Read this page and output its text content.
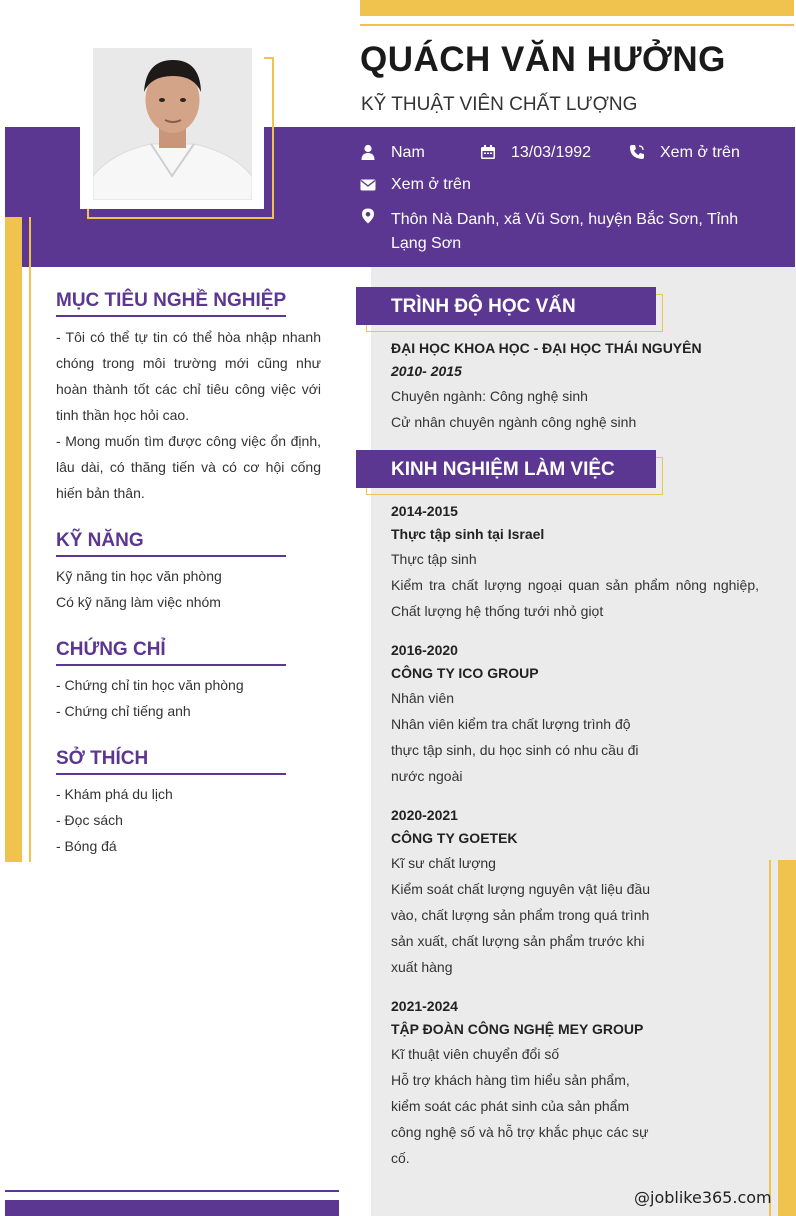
QUÁCH VĂN HƯỞNG
KỸ THUẬT VIÊN CHẤT LƯỢNG
Nam	13/03/1992	Xem ở trên
Xem ở trên
Thôn Nà Danh, xã Vũ Sơn, huyện Bắc Sơn, Tỉnh Lạng Sơn
MỤC TIÊU NGHỀ NGHIỆP
- Tôi có thể tự tin có thể hòa nhập nhanh chóng trong môi trường mới cũng như hoàn thành tốt các chỉ tiêu công việc với tinh thần học hỏi cao.
- Mong muốn tìm được công việc ổn định, lâu dài, có thăng tiến và có cơ hội cống hiến bản thân.
KỸ NĂNG
Kỹ năng tin học văn phòng
Có kỹ năng làm việc nhóm
CHỨNG CHỈ
- Chứng chỉ tin học văn phòng
- Chứng chỉ tiếng anh
SỞ THÍCH
- Khám phá du lịch
- Đọc sách
- Bóng đá
TRÌNH ĐỘ HỌC VẤN
ĐẠI HỌC KHOA HỌC - ĐẠI HỌC THÁI NGUYÊN
2010- 2015
Chuyên ngành: Công nghệ sinh
Cử nhân chuyên ngành công nghệ sinh
KINH NGHIỆM LÀM VIỆC
2014-2015
Thực tập sinh tại Israel
Thực tập sinh
Kiểm tra chất lượng ngoại quan sản phẩm nông nghiệp, Chất lượng hệ thống tưới nhỏ giọt
2016-2020
CÔNG TY ICO GROUP
Nhân viên
Nhân viên kiểm tra chất lượng trình độ thực tập sinh, du học sinh có nhu cầu đi nước ngoài
2020-2021
CÔNG TY GOETEK
Kĩ sư chất lượng
Kiểm soát chất lượng nguyên vật liệu đầu vào, chất lượng sản phẩm trong quá trình sản xuất, chất lượng sản phẩm trước khi xuất hàng
2021-2024
TẬP ĐOÀN CÔNG NGHỆ MEY GROUP
Kĩ thuật viên chuyển đổi số
Hỗ trợ khách hàng tìm hiểu sản phẩm, kiểm soát các phát sinh của sản phẩm công nghệ số và hỗ trợ khắc phục các sự cố.
@joblike365.com
